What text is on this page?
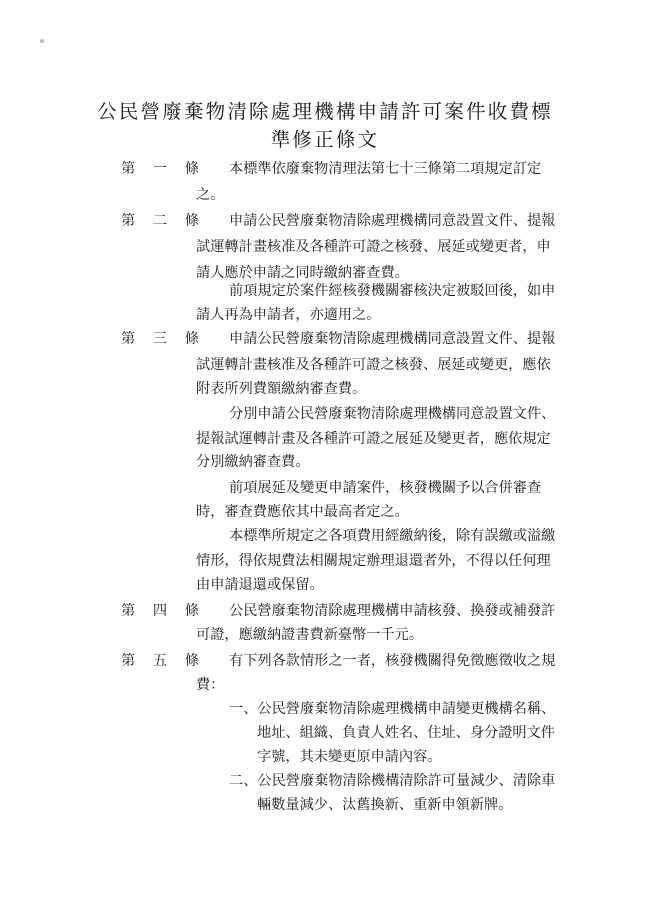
公民營廢棄物清除處理機構申請許可案件收費標
準修正條文
第 一 條 本標準依廢棄物清理法第七十三條第二項規定訂定
之。
第 二 條 申請公民營廢棄物清除處理機構同意設置文件、提報
試運轉計畫核准及各種許可證之核發、展延或變更者，申
請人應於申請之同時繳納審查費。
前項規定於案件經核發機關審核決定被駁回後，如申
請人再為申請者，亦適用之。
第 三 條 申請公民營廢棄物清除處理機構同意設置文件、提報
試運轉計畫核准及各種許可證之核發、展延或變更，應依
附表所列費額繳納審查費。
分別申請公民營廢棄物清除處理機構同意設置文件、
提報試運轉計畫及各種許可證之展延及變更者，應依規定
分別繳納審查費。
前項展延及變更申請案件，核發機關予以合併審查
時，審查費應依其中最高者定之。
本標準所規定之各項費用經繳納後，除有誤繳或溢繳
情形，得依規費法相關規定辦理退還者外，不得以任何理
由申請退還或保留。
第 四 條 公民營廢棄物清除處理機構申請核發、換發或補發許
可證，應繳納證書費新臺幣一千元。
第 五 條 有下列各款情形之一者，核發機關得免徵應徵收之規
費：
一、公民營廢棄物清除處理機構申請變更機構名稱、
地址、組織、負責人姓名、住址、身分證明文件
字號，其未變更原申請內容。
二、公民營廢棄物清除機構清除許可量減少、清除車
輛數量減少、汰舊換新、重新申領新牌。
